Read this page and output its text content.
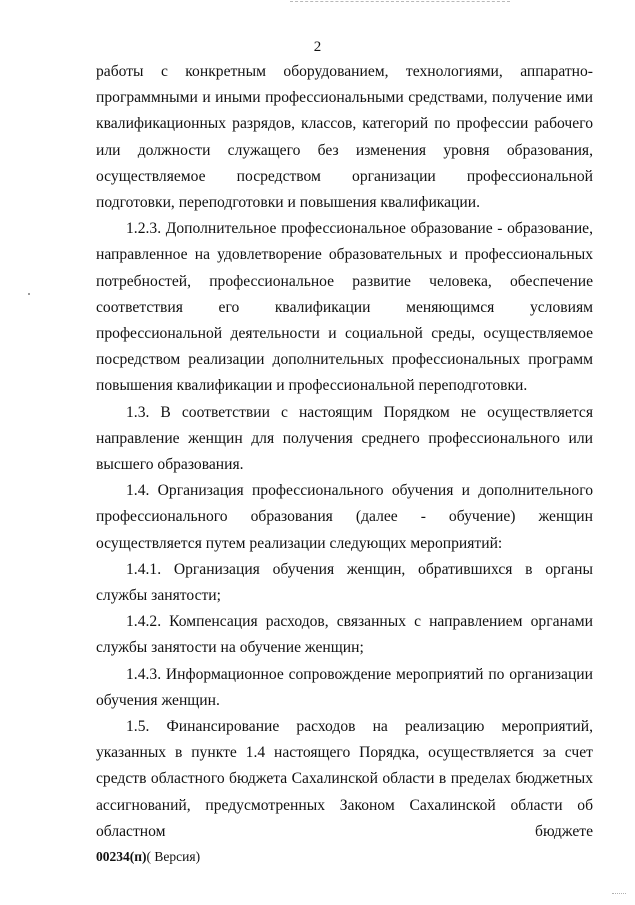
2

работы с конкретным оборудованием, технологиями, аппаратно-программными и иными профессиональными средствами, получение ими квалификационных разрядов, классов, категорий по профессии рабочего или должности служащего без изменения уровня образования, осуществляемое посредством организации профессиональной подготовки, переподготовки и повышения квалификации.

1.2.3. Дополнительное профессиональное образование - образование, направленное на удовлетворение образовательных и профессиональных потребностей, профессиональное развитие человека, обеспечение соответствия его квалификации меняющимся условиям профессиональной деятельности и социальной среды, осуществляемое посредством реализации дополнительных профессиональных программ повышения квалификации и профессиональной переподготовки.

1.3. В соответствии с настоящим Порядком не осуществляется направление женщин для получения среднего профессионального или высшего образования.

1.4. Организация профессионального обучения и дополнительного профессионального образования (далее - обучение) женщин осуществляется путем реализации следующих мероприятий:

1.4.1. Организация обучения женщин, обратившихся в органы службы занятости;

1.4.2. Компенсация расходов, связанных с направлением органами службы занятости на обучение женщин;

1.4.3. Информационное сопровождение мероприятий по организации обучения женщин.

1.5. Финансирование расходов на реализацию мероприятий, указанных в пункте 1.4 настоящего Порядка, осуществляется за счет средств областного бюджета Сахалинской области в пределах бюджетных ассигнований, предусмотренных Законом Сахалинской области об областном бюджете

00234(п)( Версия)
